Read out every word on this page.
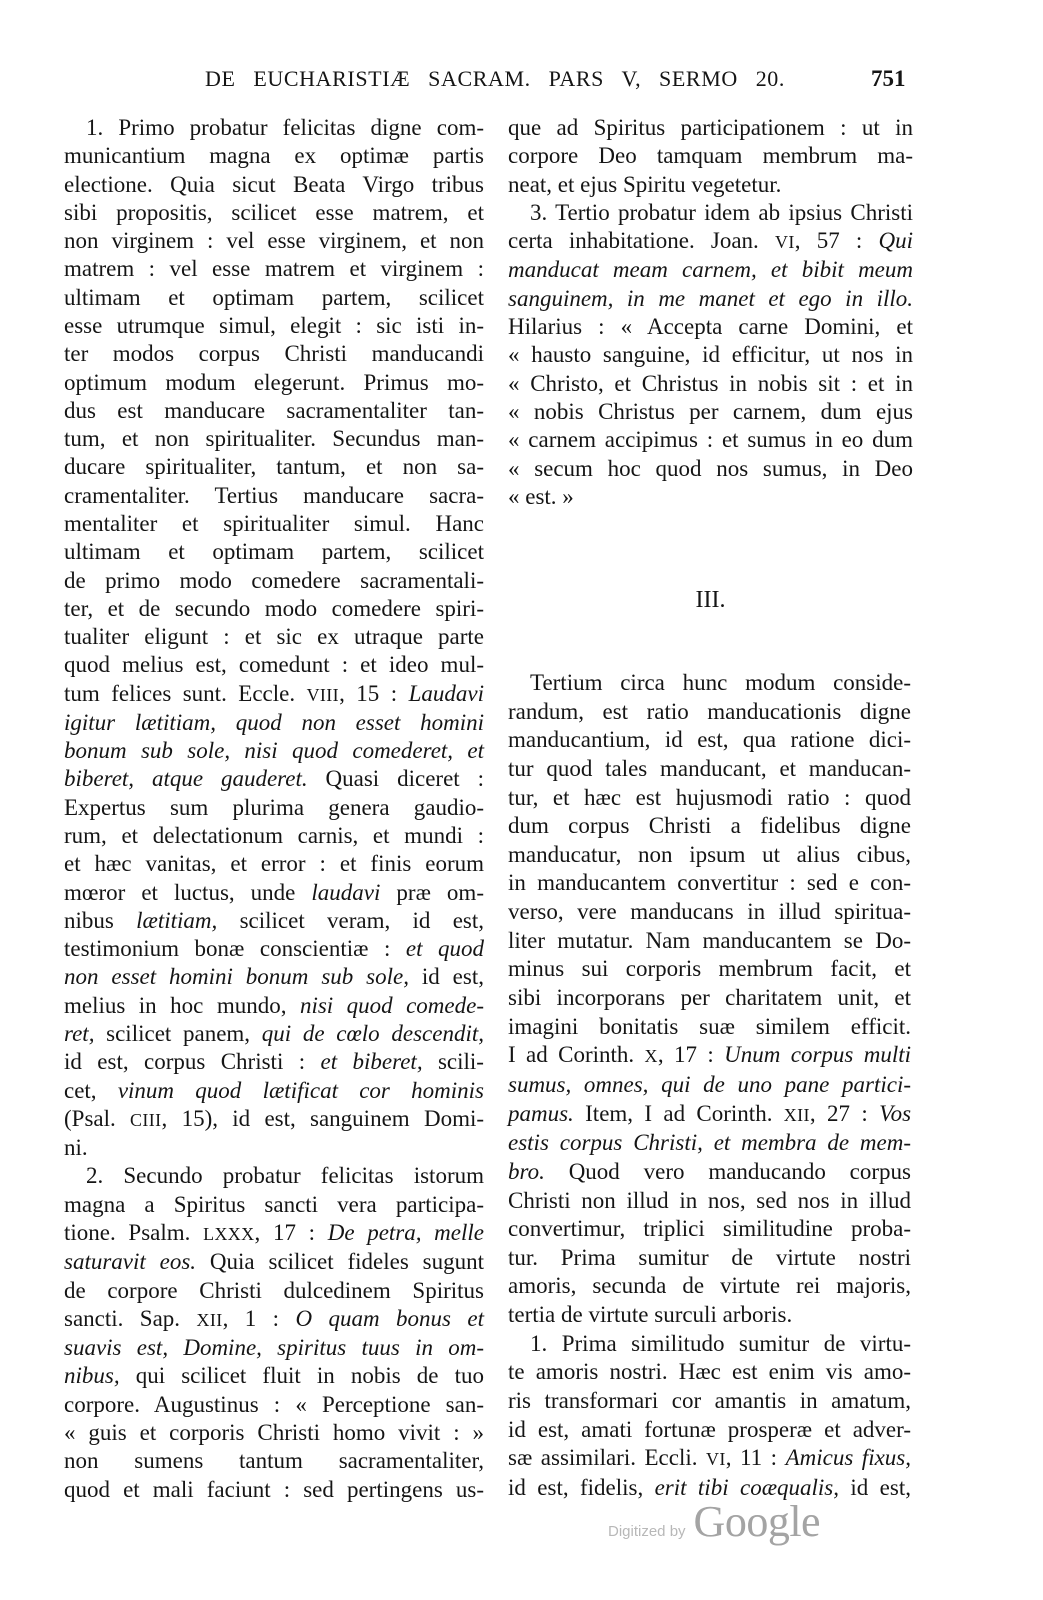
DE EUCHARISTIÆ SACRAM. PARS V, SERMO 20.	751
1. Primo probatur felicitas digne com-
municantium magna ex optimæ partis
electione. Quia sicut Beata Virgo tribus
sibi propositis, scilicet esse matrem, et
non virginem : vel esse virginem, et non
matrem : vel esse matrem et virginem :
ultimam et optimam partem, scilicet
esse utrumque simul, elegit : sic isti in-
ter modos corpus Christi manducandi
optimum modum elegerunt. Primus mo-
dus est manducare sacramentaliter tan-
tum, et non spiritualiter. Secundus man-
ducare spiritualiter, tantum, et non sa-
cramentaliter. Tertius manducare sacra-
mentaliter et spiritualiter simul. Hanc
ultimam et optimam partem, scilicet
de primo modo comedere sacramentali-
ter, et de secundo modo comedere spiri-
tualiter eligunt : et sic ex utraque parte
quod melius est, comedunt : et ideo mul-
tum felices sunt. Eccle. VIII, 15 : Laudavi
igitur lætitiam, quod non esset homini
bonum sub sole, nisi quod comederet, et
biberet, atque gauderet. Quasi diceret :
Expertus sum plurima genera gaudio-
rum, et delectationum carnis, et mundi :
et hæc vanitas, et error : et finis eorum
mœror et luctus, unde laudavi præ om-
nibus lætitiam, scilicet veram, id est,
testimonium bonæ conscientiæ : et quod
non esset homini bonum sub sole, id est,
melius in hoc mundo, nisi quod comede-
ret, scilicet panem, qui de cœlo descendit,
id est, corpus Christi : et biberet, scili-
cet, vinum quod lætificat cor hominis
(Psal. CIII, 15), id est, sanguinem Domi-
ni.
2. Secundo probatur felicitas istorum
magna a Spiritus sancti vera participa-
tione. Psalm. LXXX, 17 : De petra, melle
saturavit eos. Quia scilicet fideles sugunt
de corpore Christi dulcedinem Spiritus
sancti. Sap. XII, 1 : O quam bonus et
suavis est, Domine, spiritus tuus in om-
nibus, qui scilicet fluit in nobis de tuo
corpore. Augustinus : « Perceptione san-
« guis et corporis Christi homo vivit : »
non sumens tantum sacramentaliter,
quod et mali faciunt : sed pertingens us-
que ad Spiritus participationem : ut in
corpore Deo tamquam membrum ma-
neat, et ejus Spiritu vegetetur.
3. Tertio probatur idem ab ipsius Christi
certa inhabitatione. Joan. VI, 57 : Qui
manducat meam carnem, et bibit meum
sanguinem, in me manet et ego in illo.
Hilarius : « Accepta carne Domini, et
« hausto sanguine, id efficitur, ut nos in
« Christo, et Christus in nobis sit : et in
« nobis Christus per carnem, dum ejus
« carnem accipimus : et sumus in eo dum
« secum hoc quod nos sumus, in Deo
« est. »
III.
Tertium circa hunc modum conside-
randum, est ratio manducationis digne
manducantium, id est, qua ratione dici-
tur quod tales manducant, et manducan-
tur, et hæc est hujusmodi ratio : quod
dum corpus Christi a fidelibus digne
manducatur, non ipsum ut alius cibus,
in manducantem convertitur : sed e con-
verso, vere manducans in illud spiritua-
liter mutatur. Nam manducantem se Do-
minus sui corporis membrum facit, et
sibi incorporans per charitatem unit, et
imagini bonitatis suæ similem efficit.
I ad Corinth. X, 17 : Unum corpus multi
sumus, omnes, qui de uno pane partici-
pamus. Item, I ad Corinth. XII, 27 : Vos
estis corpus Christi, et membra de mem-
bro. Quod vero manducando corpus
Christi non illud in nos, sed nos in illud
convertimur, triplici similitudine proba-
tur. Prima sumitur de virtute nostri
amoris, secunda de virtute rei majoris,
tertia de virtute surculi arboris.
1. Prima similitudo sumitur de virtu-
te amoris nostri. Hæc est enim vis amo-
ris transformari cor amantis in amatum,
id est, amati fortunæ prosperæ et adver-
sæ assimilari. Eccli. VI, 11 : Amicus fixus,
id est, fidelis, erit tibi coæqualis, id est,
Digitized by Google
